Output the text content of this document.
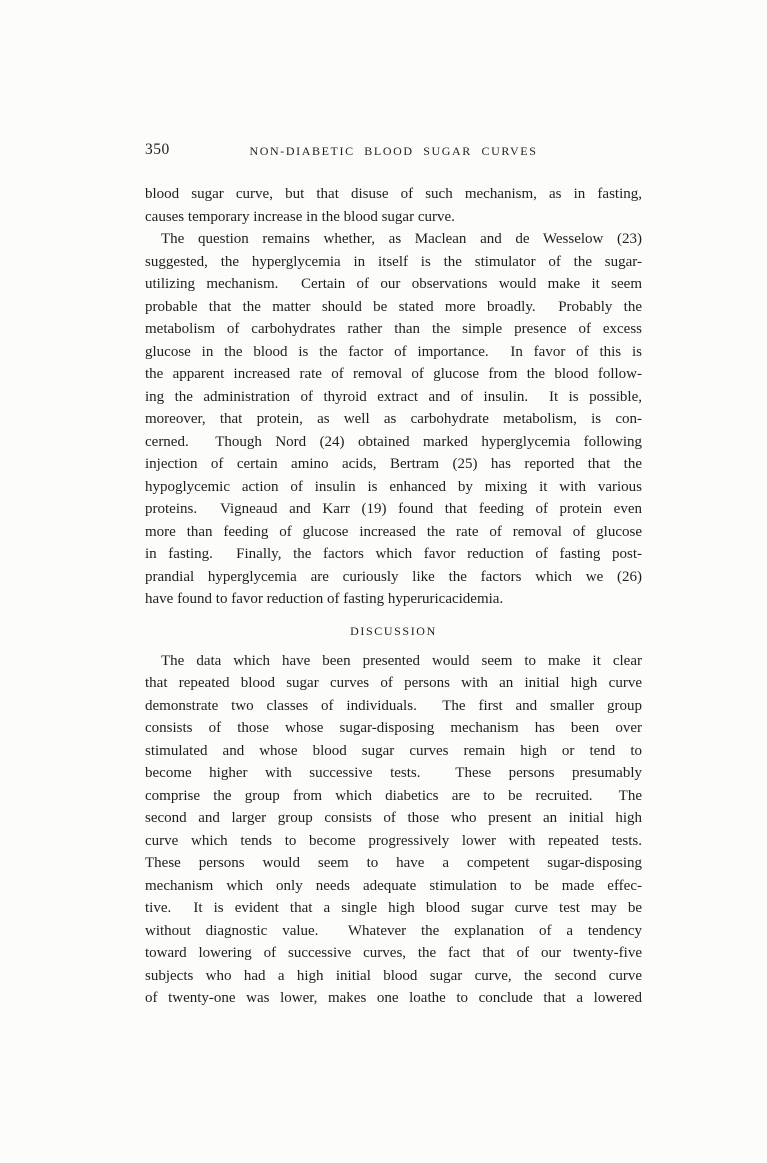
350	NON-DIABETIC BLOOD SUGAR CURVES
blood sugar curve, but that disuse of such mechanism, as in fasting,
causes temporary increase in the blood sugar curve.
The question remains whether, as Maclean and de Wesselow (23)
suggested, the hyperglycemia in itself is the stimulator of the sugar-
utilizing mechanism.  Certain of our observations would make it seem
probable that the matter should be stated more broadly.  Probably the
metabolism of carbohydrates rather than the simple presence of excess
glucose in the blood is the factor of importance.  In favor of this is
the apparent increased rate of removal of glucose from the blood follow-
ing the administration of thyroid extract and of insulin.  It is possible,
moreover, that protein, as well as carbohydrate metabolism, is con-
cerned.  Though Nord (24) obtained marked hyperglycemia following
injection of certain amino acids, Bertram (25) has reported that the
hypoglycemic action of insulin is enhanced by mixing it with various
proteins.  Vigneaud and Karr (19) found that feeding of protein even
more than feeding of glucose increased the rate of removal of glucose
in fasting.  Finally, the factors which favor reduction of fasting post-
prandial hyperglycemia are curiously like the factors which we (26)
have found to favor reduction of fasting hyperuricacidemia.
DISCUSSION
The data which have been presented would seem to make it clear
that repeated blood sugar curves of persons with an initial high curve
demonstrate two classes of individuals.  The first and smaller group
consists of those whose sugar-disposing mechanism has been over
stimulated and whose blood sugar curves remain high or tend to
become higher with successive tests.  These persons presumably
comprise the group from which diabetics are to be recruited.  The
second and larger group consists of those who present an initial high
curve which tends to become progressively lower with repeated tests.
These persons would seem to have a competent sugar-disposing
mechanism which only needs adequate stimulation to be made effec-
tive.  It is evident that a single high blood sugar curve test may be
without diagnostic value.  Whatever the explanation of a tendency
toward lowering of successive curves, the fact that of our twenty-five
subjects who had a high initial blood sugar curve, the second curve
of twenty-one was lower, makes one loathe to conclude that a lowered
